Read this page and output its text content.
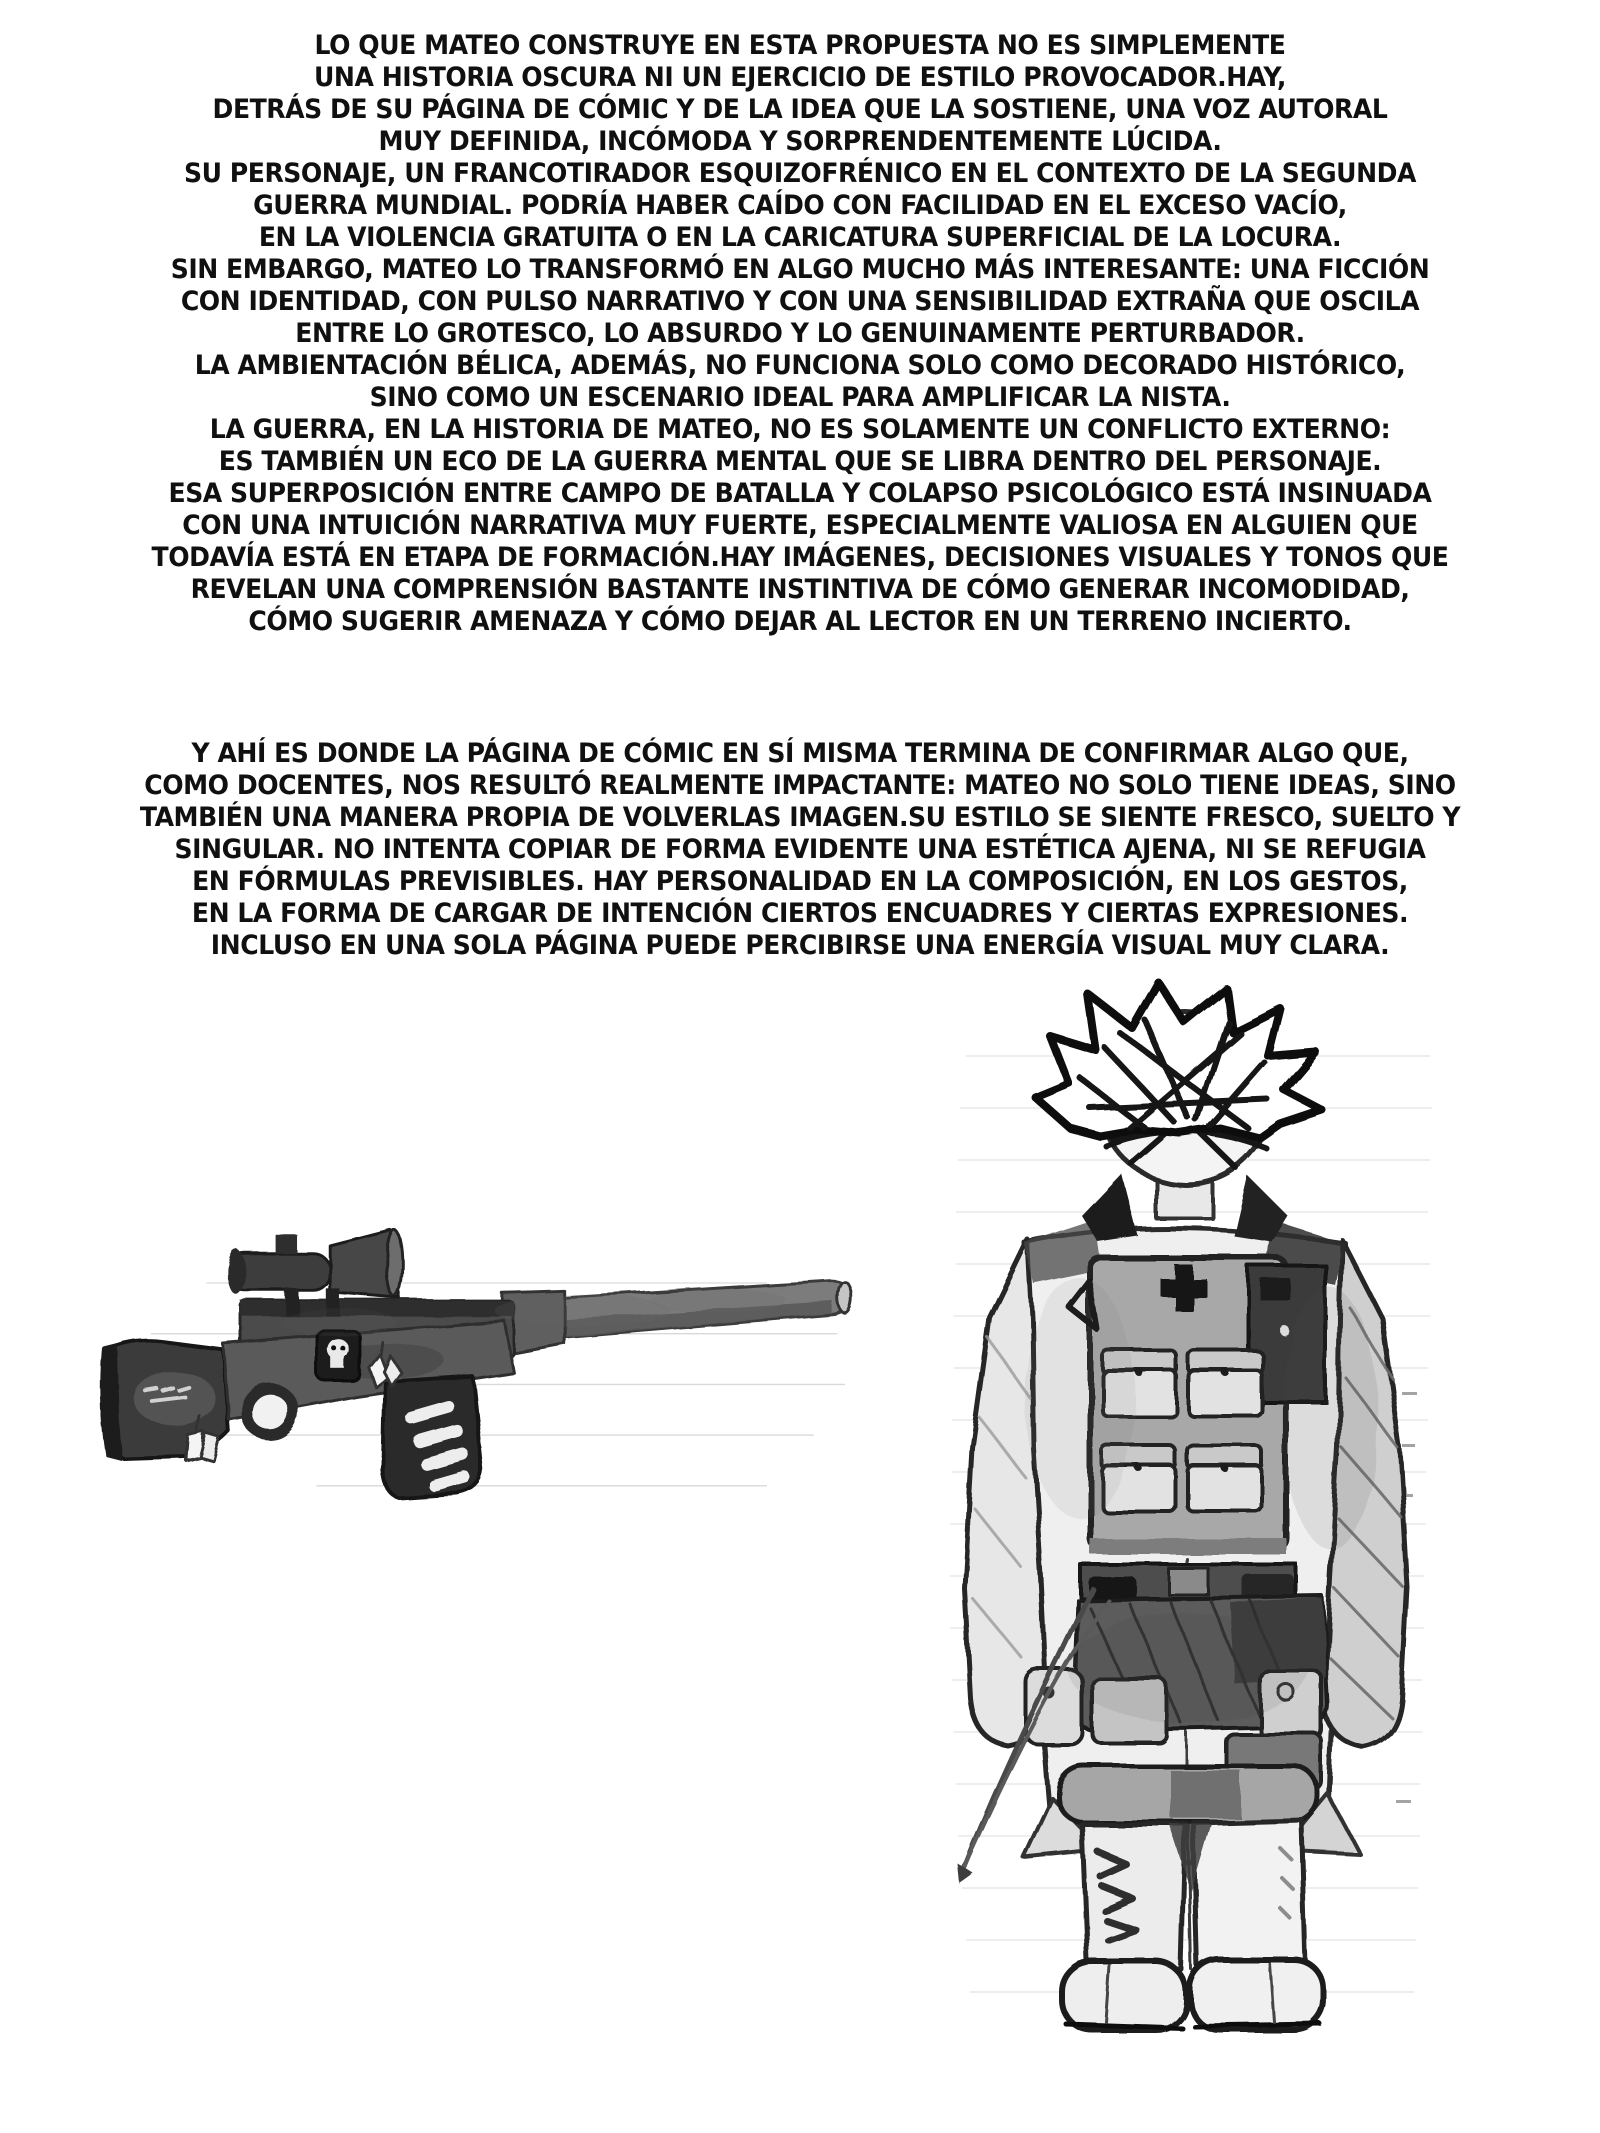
LO QUE MATEO CONSTRUYE EN ESTA PROPUESTA NO ES SIMPLEMENTE
UNA HISTORIA OSCURA NI UN EJERCICIO DE ESTILO PROVOCADOR.HAY,
DETRÁS DE SU PÁGINA DE CÓMIC Y DE LA IDEA QUE LA SOSTIENE, UNA VOZ AUTORAL
MUY DEFINIDA, INCÓMODA Y SORPRENDENTEMENTE LÚCIDA.
SU PERSONAJE, UN FRANCOTIRADOR ESQUIZOFRÉNICO EN EL CONTEXTO DE LA SEGUNDA
GUERRA MUNDIAL. PODRÍA HABER CAÍDO CON FACILIDAD EN EL EXCESO VACÍO,
EN LA VIOLENCIA GRATUITA O EN LA CARICATURA SUPERFICIAL DE LA LOCURA.
SIN EMBARGO, MATEO LO TRANSFORMÓ EN ALGO MUCHO MÁS INTERESANTE: UNA FICCIÓN
CON IDENTIDAD, CON PULSO NARRATIVO Y CON UNA SENSIBILIDAD EXTRAÑA QUE OSCILA
ENTRE LO GROTESCO, LO ABSURDO Y LO GENUINAMENTE PERTURBADOR.
LA AMBIENTACIÓN BÉLICA, ADEMÁS, NO FUNCIONA SOLO COMO DECORADO HISTÓRICO,
SINO COMO UN ESCENARIO IDEAL PARA AMPLIFICAR LA NISTA.
LA GUERRA, EN LA HISTORIA DE MATEO, NO ES SOLAMENTE UN CONFLICTO EXTERNO:
ES TAMBIÉN UN ECO DE LA GUERRA MENTAL QUE SE LIBRA DENTRO DEL PERSONAJE.
ESA SUPERPOSICIÓN ENTRE CAMPO DE BATALLA Y COLAPSO PSICOLÓGICO ESTÁ INSINUADA
CON UNA INTUICIÓN NARRATIVA MUY FUERTE, ESPECIALMENTE VALIOSA EN ALGUIEN QUE
TODAVÍA ESTÁ EN ETAPA DE FORMACIÓN.HAY IMÁGENES, DECISIONES VISUALES Y TONOS QUE
REVELAN UNA COMPRENSIÓN BASTANTE INSTINTIVA DE CÓMO GENERAR INCOMODIDAD,
CÓMO SUGERIR AMENAZA Y CÓMO DEJAR AL LECTOR EN UN TERRENO INCIERTO.
Y AHÍ ES DONDE LA PÁGINA DE CÓMIC EN SÍ MISMA TERMINA DE CONFIRMAR ALGO QUE,
COMO DOCENTES, NOS RESULTÓ REALMENTE IMPACTANTE: MATEO NO SOLO TIENE IDEAS, SINO
TAMBIÉN UNA MANERA PROPIA DE VOLVERLAS IMAGEN.SU ESTILO SE SIENTE FRESCO, SUELTO Y
SINGULAR. NO INTENTA COPIAR DE FORMA EVIDENTE UNA ESTÉTICA AJENA, NI SE REFUGIA
EN FÓRMULAS PREVISIBLES. HAY PERSONALIDAD EN LA COMPOSICIÓN, EN LOS GESTOS,
EN LA FORMA DE CARGAR DE INTENCIÓN CIERTOS ENCUADRES Y CIERTAS EXPRESIONES.
INCLUSO EN UNA SOLA PÁGINA PUEDE PERCIBIRSE UNA ENERGÍA VISUAL MUY CLARA.
